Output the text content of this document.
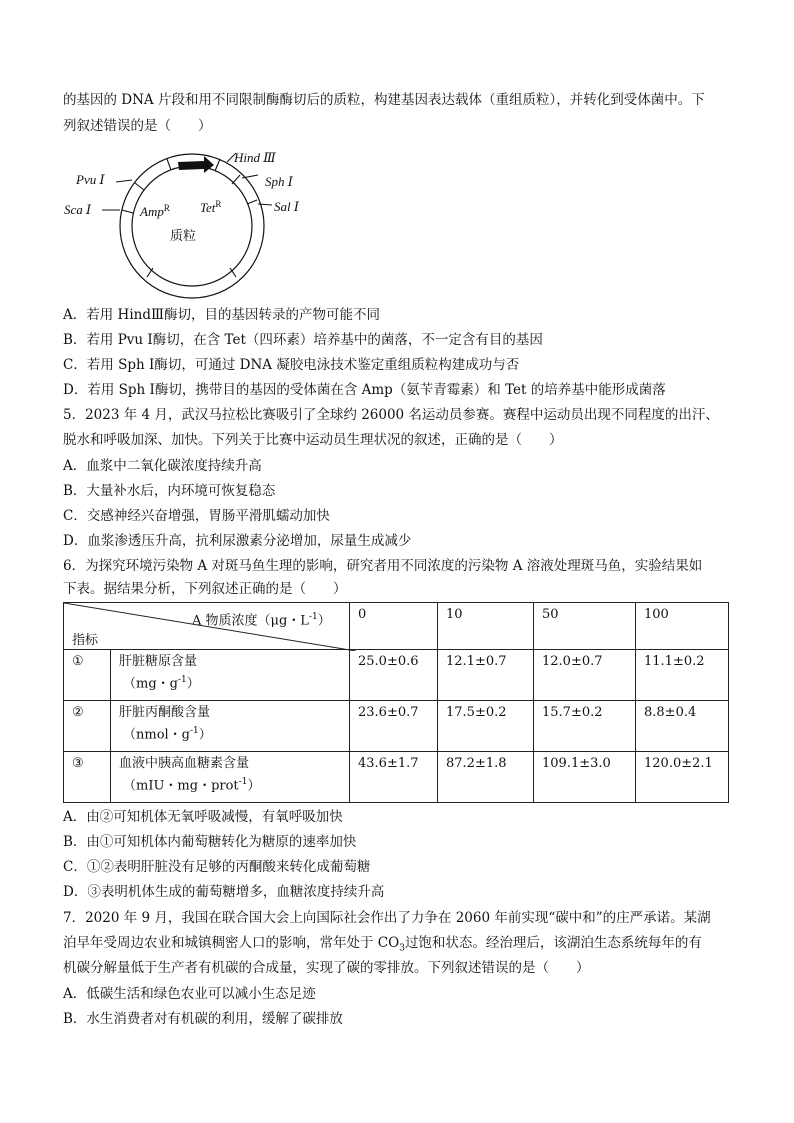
的基因的 DNA 片段和用不同限制酶酶切后的质粒，构建基因表达载体（重组质粒），并转化到受体菌中。下
列叙述错误的是（　　）
Hind Ⅲ
Sph Ⅰ
Sal Ⅰ
Pvu Ⅰ
Sca Ⅰ	Amp$^R$ Tet$^R$
质粒
A．若用 HindⅢ酶切，目的基因转录的产物可能不同
B．若用 Pvu Ⅰ酶切，在含 Tet（四环素）培养基中的菌落，不一定含有目的基因
C．若用 Sph Ⅰ酶切，可通过 DNA 凝胶电泳技术鉴定重组质粒构建成功与否
D．若用 Sph Ⅰ酶切，携带目的基因的受体菌在含 Amp（氨苄青霉素）和 Tet 的培养基中能形成菌落
5．2023 年 4 月，武汉马拉松比赛吸引了全球约 26000 名运动员参赛。赛程中运动员出现不同程度的出汗、
脱水和呼吸加深、加快。下列关于比赛中运动员生理状况的叙述，正确的是（　　）
A．血浆中二氧化碳浓度持续升高
B．大量补水后，内环境可恢复稳态
C．交感神经兴奋增强，胃肠平滑肌蠕动加快
D．血浆渗透压升高，抗利尿激素分泌增加，尿量生成减少
6．为探究环境污染物 A 对斑马鱼生理的影响，研究者用不同浓度的污染物 A 溶液处理斑马鱼，实验结果如
下表。据结果分析，下列叙述正确的是（　　）
A 物质浓度（μg・$L^{-1}$）
指标		0	10	50	100
①	肝脏糖原含量
（mg・$g^{-1}$）	25.0±0.6	12.1±0.7	12.0±0.7	11.1±0.2
②	肝脏丙酮酸含量
（nmol・$g^{-1}$）	23.6±0.7	17.5±0.2	15.7±0.2	8.8±0.4
③	血液中胰高血糖素含量
（mIU・mg・prot$^{-1}$）	43.6±1.7	87.2±1.8	109.1±3.0	120.0±2.1
A．由②可知机体无氧呼吸减慢，有氧呼吸加快
B．由①可知机体内葡萄糖转化为糖原的速率加快
C．①②表明肝脏没有足够的丙酮酸来转化成葡萄糖
D．③表明机体生成的葡萄糖增多，血糖浓度持续升高
7．2020 年 9 月，我国在联合国大会上向国际社会作出了力争在 2060 年前实现“碳中和”的庄严承诺。某湖
泊早年受周边农业和城镇稠密人口的影响，常年处于 $CO_3$过饱和状态。经治理后，该湖泊生态系统每年的有
机碳分解量低于生产者有机碳的合成量，实现了碳的零排放。下列叙述错误的是（　　）
A．低碳生活和绿色农业可以减小生态足迹
B．水生消费者对有机碳的利用，缓解了碳排放
